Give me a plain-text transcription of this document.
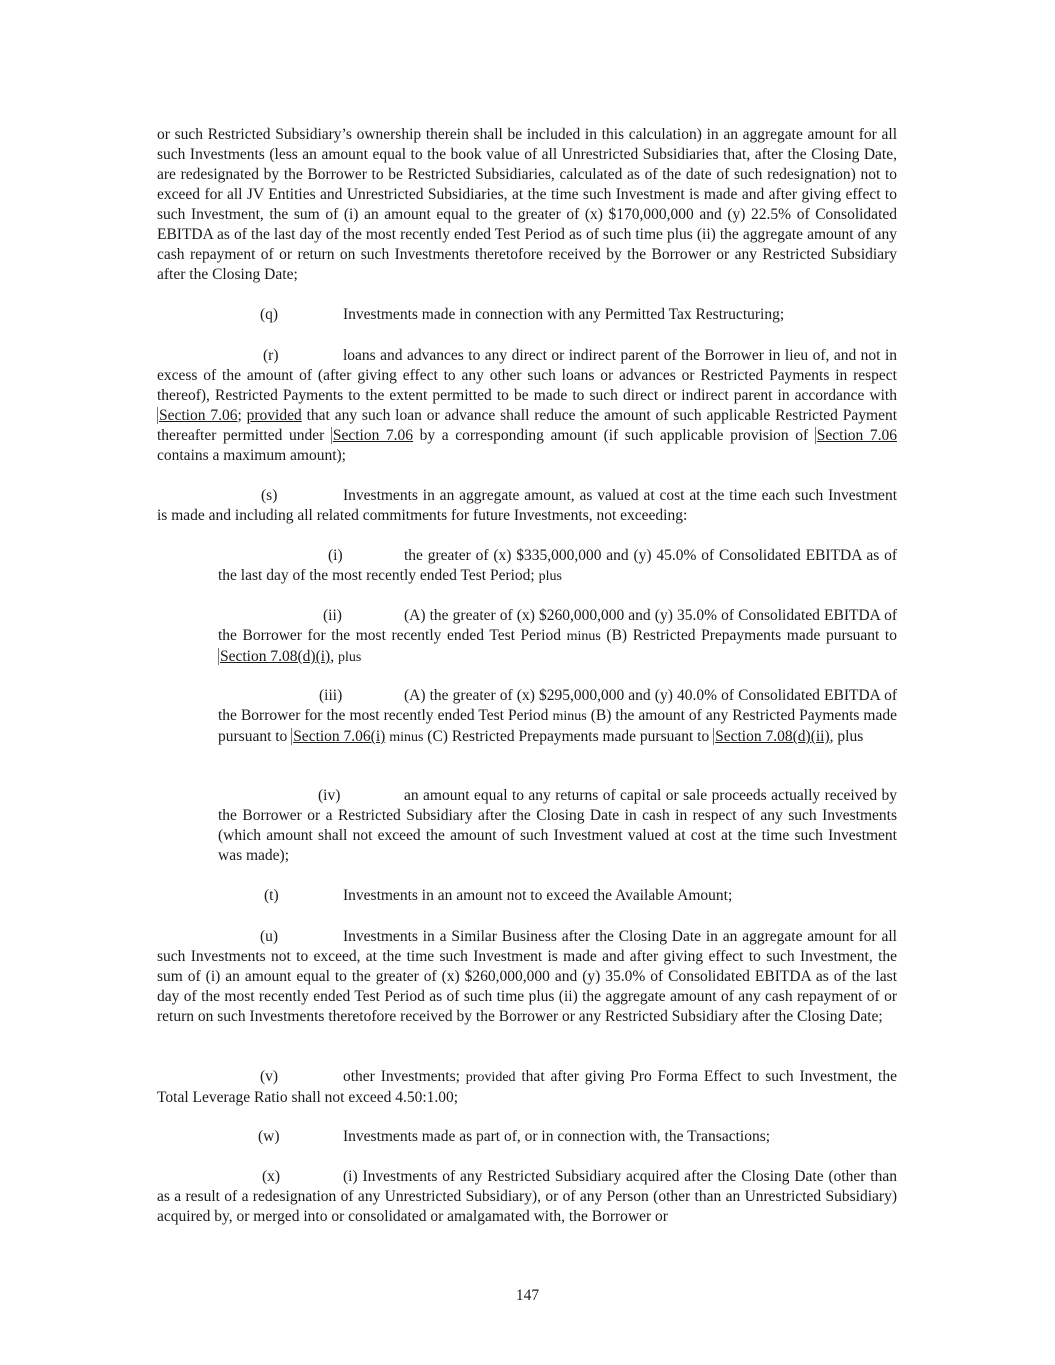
or such Restricted Subsidiary’s ownership therein shall be included in this calculation) in an aggregate amount for all such Investments (less an amount equal to the book value of all Unrestricted Subsidiaries that, after the Closing Date, are redesignated by the Borrower to be Restricted Subsidiaries, calculated as of the date of such redesignation) not to exceed for all JV Entities and Unrestricted Subsidiaries, at the time such Investment is made and after giving effect to such Investment, the sum of (i) an amount equal to the greater of (x) $170,000,000 and (y) 22.5% of Consolidated EBITDA as of the last day of the most recently ended Test Period as of such time plus (ii) the aggregate amount of any cash repayment of or return on such Investments theretofore received by the Borrower or any Restricted Subsidiary after the Closing Date;
(q)	Investments made in connection with any Permitted Tax Restructuring;
(r)	loans and advances to any direct or indirect parent of the Borrower in lieu of, and not in excess of the amount of (after giving effect to any other such loans or advances or Restricted Payments in respect thereof), Restricted Payments to the extent permitted to be made to such direct or indirect parent in accordance with Section 7.06; provided that any such loan or advance shall reduce the amount of such applicable Restricted Payment thereafter permitted under Section 7.06 by a corresponding amount (if such applicable provision of Section 7.06 contains a maximum amount);
(s)	Investments in an aggregate amount, as valued at cost at the time each such Investment is made and including all related commitments for future Investments, not exceeding:
(i)	the greater of (x) $335,000,000 and (y) 45.0% of Consolidated EBITDA as of the last day of the most recently ended Test Period; plus
(ii)	(A) the greater of (x) $260,000,000 and (y) 35.0% of Consolidated EBITDA of the Borrower for the most recently ended Test Period minus (B) Restricted Prepayments made pursuant to Section 7.08(d)(i), plus
(iii)	(A) the greater of (x) $295,000,000 and (y) 40.0% of Consolidated EBITDA of the Borrower for the most recently ended Test Period minus (B) the amount of any Restricted Payments made pursuant to Section 7.06(i) minus (C) Restricted Prepayments made pursuant to Section 7.08(d)(ii), plus
(iv)	an amount equal to any returns of capital or sale proceeds actually received by the Borrower or a Restricted Subsidiary after the Closing Date in cash in respect of any such Investments (which amount shall not exceed the amount of such Investment valued at cost at the time such Investment was made);
(t)	Investments in an amount not to exceed the Available Amount;
(u)	Investments in a Similar Business after the Closing Date in an aggregate amount for all such Investments not to exceed, at the time such Investment is made and after giving effect to such Investment, the sum of (i) an amount equal to the greater of (x) $260,000,000 and (y) 35.0% of Consolidated EBITDA as of the last day of the most recently ended Test Period as of such time plus (ii) the aggregate amount of any cash repayment of or return on such Investments theretofore received by the Borrower or any Restricted Subsidiary after the Closing Date;
(v)	other Investments; provided that after giving Pro Forma Effect to such Investment, the Total Leverage Ratio shall not exceed 4.50:1.00;
(w)	Investments made as part of, or in connection with, the Transactions;
(x)	(i) Investments of any Restricted Subsidiary acquired after the Closing Date (other than as a result of a redesignation of any Unrestricted Subsidiary), or of any Person (other than an Unrestricted Subsidiary) acquired by, or merged into or consolidated or amalgamated with, the Borrower or
147
